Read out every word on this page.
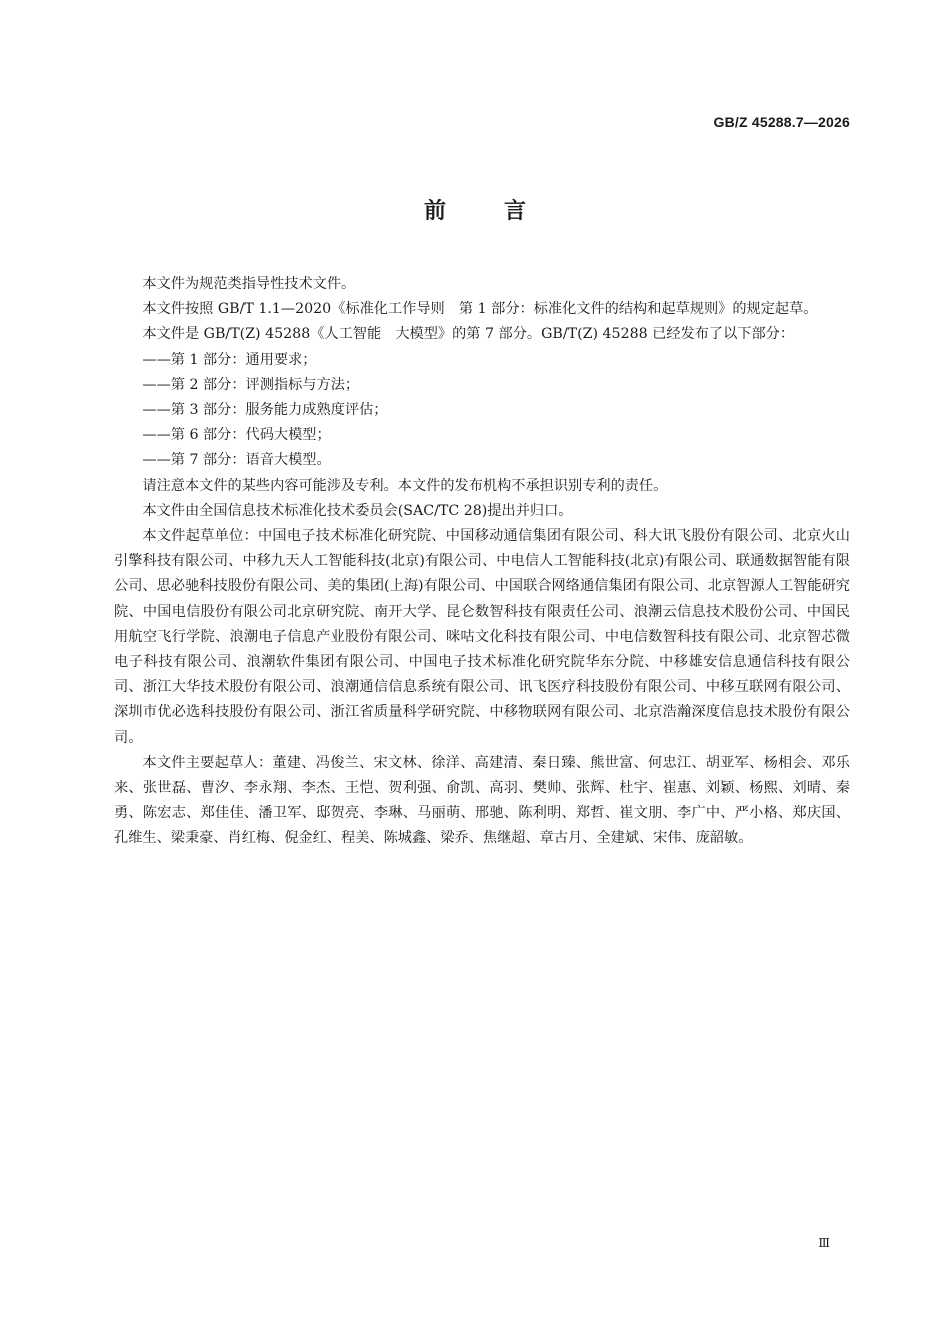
GB/Z 45288.7—2026
前言

本文件为规范类指导性技术文件。

本文件按照 GB/T 1.1—2020《标准化工作导则　第 1 部分：标准化文件的结构和起草规则》的规定起草。

本文件是 GB/T(Z) 45288《人工智能　大模型》的第 7 部分。GB/T(Z) 45288 已经发布了以下部分：

——第 1 部分：通用要求；

——第 2 部分：评测指标与方法；

——第 3 部分：服务能力成熟度评估；

——第 6 部分：代码大模型；

——第 7 部分：语音大模型。

请注意本文件的某些内容可能涉及专利。本文件的发布机构不承担识别专利的责任。

本文件由全国信息技术标准化技术委员会(SAC/TC 28)提出并归口。

本文件起草单位：中国电子技术标准化研究院、中国移动通信集团有限公司、科大讯飞股份有限公司、北京火山引擎科技有限公司、中移九天人工智能科技(北京)有限公司、中电信人工智能科技(北京)有限公司、联通数据智能有限公司、思必驰科技股份有限公司、美的集团(上海)有限公司、中国联合网络通信集团有限公司、北京智源人工智能研究院、中国电信股份有限公司北京研究院、南开大学、昆仑数智科技有限责任公司、浪潮云信息技术股份公司、中国民用航空飞行学院、浪潮电子信息产业股份有限公司、咪咕文化科技有限公司、中电信数智科技有限公司、北京智芯微电子科技有限公司、浪潮软件集团有限公司、中国电子技术标准化研究院华东分院、中移雄安信息通信科技有限公司、浙江大华技术股份有限公司、浪潮通信信息系统有限公司、讯飞医疗科技股份有限公司、中移互联网有限公司、深圳市优必选科技股份有限公司、浙江省质量科学研究院、中移物联网有限公司、北京浩瀚深度信息技术股份有限公司。

本文件主要起草人：董建、冯俊兰、宋文林、徐洋、高建清、秦日臻、熊世富、何忠江、胡亚军、杨相会、邓乐来、张世磊、曹汐、李永翔、李杰、王恺、贺利强、俞凯、高羽、樊帅、张辉、杜宇、崔惠、刘颖、杨熙、刘晴、秦勇、陈宏志、郑佳佳、潘卫军、邸贺亮、李琳、马丽萌、邢驰、陈利明、郑哲、崔文朋、李广中、严小格、郑庆国、孔维生、梁秉豪、肖红梅、倪金红、程美、陈城鑫、梁乔、焦继超、章古月、全建斌、宋伟、庞韶敏。

Ⅲ
